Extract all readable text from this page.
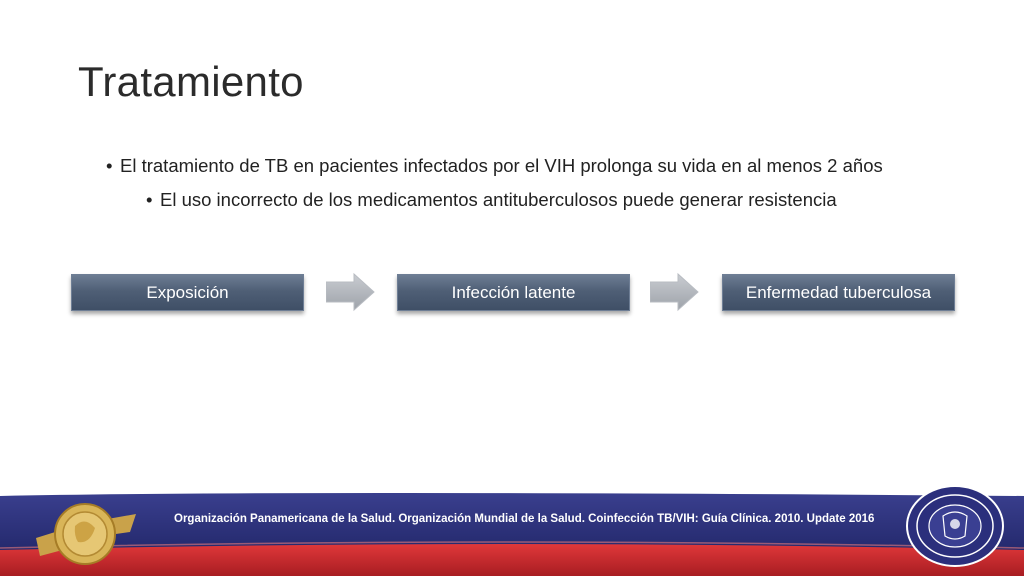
Tratamiento
• El tratamiento de TB en pacientes infectados por el VIH prolonga su vida en al menos 2 años
• El uso incorrecto de los medicamentos antituberculosos puede generar resistencia
Exposición	Infección latente	Enfermedad tuberculosa
Organización Panamericana de la Salud. Organización Mundial de la Salud. Coinfección TB/VIH: Guía Clínica. 2010. Update 2016
